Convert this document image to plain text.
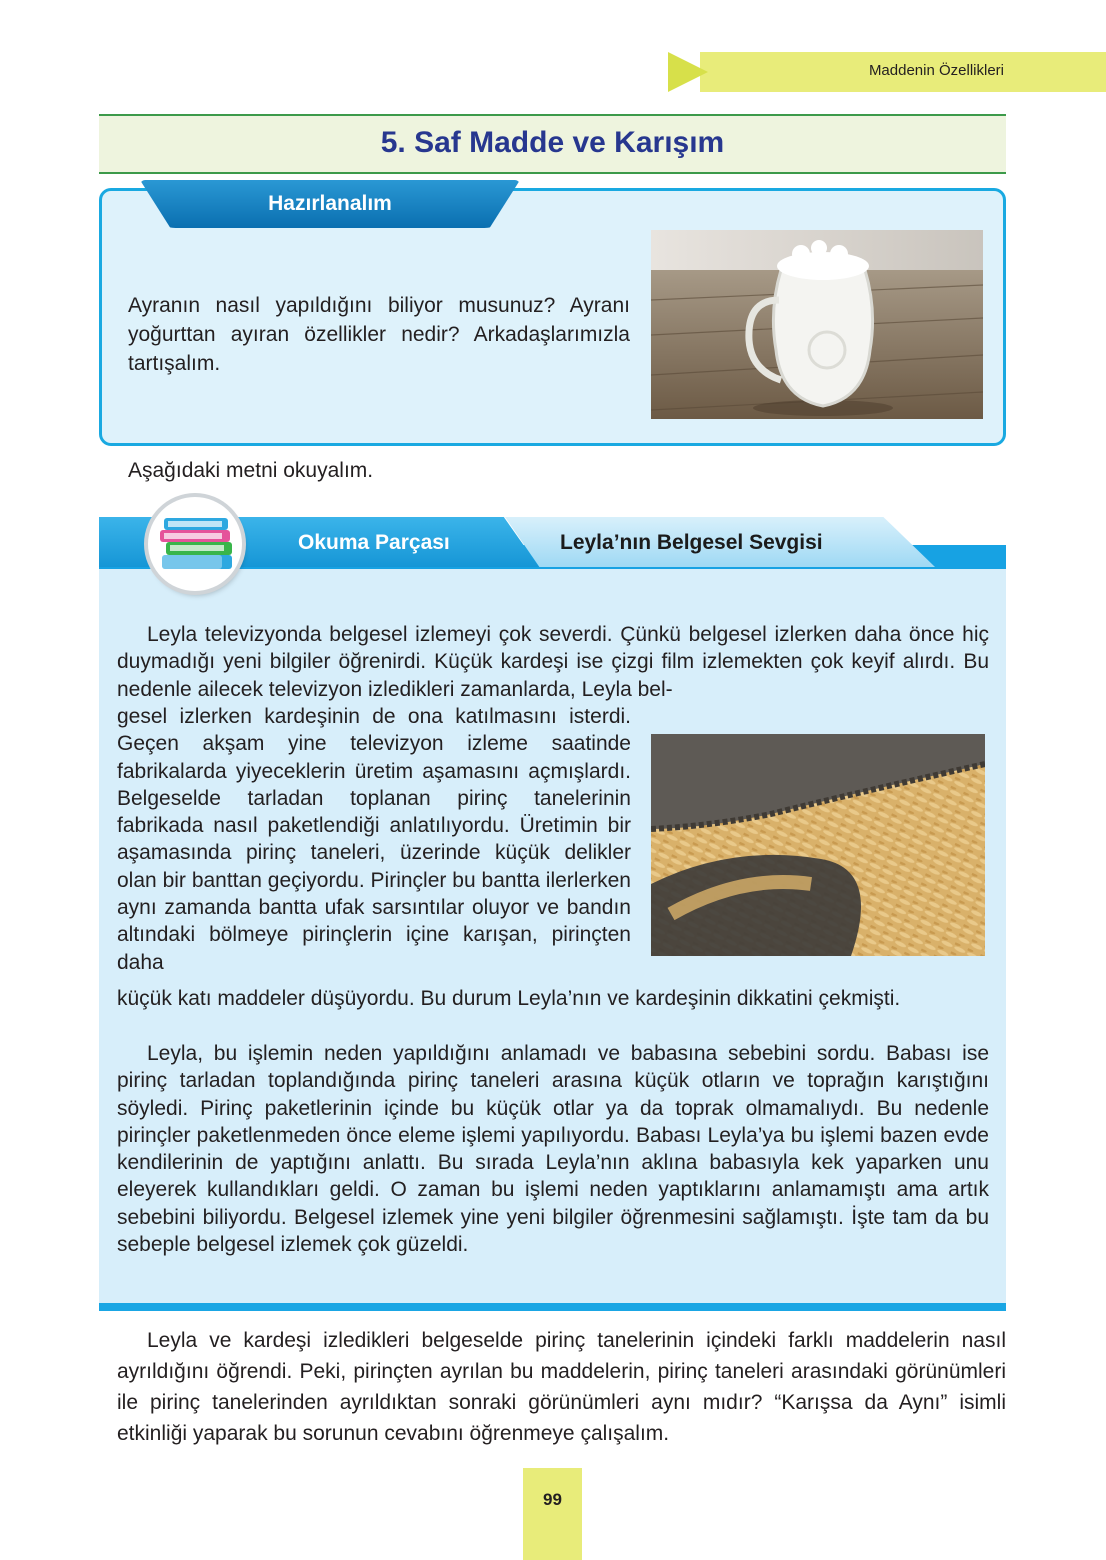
Maddenin Özellikleri
5. Saf Madde ve Karışım
Hazırlanalım
Ayranın nasıl yapıldığını biliyor musunuz? Ayranı yoğurttan ayıran özellikler nedir? Arkadaşlarımızla tartışalım.
Aşağıdaki metni okuyalım.
Okuma Parçası	Leyla’nın Belgesel Sevgisi
Leyla televizyonda belgesel izlemeyi çok severdi. Çünkü belgesel izlerken daha önce hiç duymadığı yeni bilgiler öğrenirdi. Küçük kardeşi ise çizgi film izlemekten çok keyif alırdı. Bu nedenle ailecek televizyon izledikleri zamanlarda, Leyla bel-
gesel izlerken kardeşinin de ona katılmasını isterdi. Geçen akşam yine televizyon izleme saatinde fabrikalarda yiyeceklerin üretim aşamasını açmışlardı. Belgeselde tarladan toplanan pirinç tanelerinin fabrikada nasıl paketlendiği anlatılıyordu. Üretimin bir aşamasında pirinç taneleri, üzerinde küçük delikler olan bir banttan geçiyordu. Pirinçler bu bantta ilerlerken aynı zamanda bantta ufak sarsıntılar oluyor ve bandın altındaki bölmeye pirinçlerin içine karışan, pirinçten daha
küçük katı maddeler düşüyordu. Bu durum Leyla’nın ve kardeşinin dikkatini çekmişti.
Leyla, bu işlemin neden yapıldığını anlamadı ve babasına sebebini sordu. Babası ise pirinç tarladan toplandığında pirinç taneleri arasına küçük otların ve toprağın karıştığını söyledi. Pirinç paketlerinin içinde bu küçük otlar ya da toprak olmamalıydı. Bu nedenle pirinçler paketlenmeden önce eleme işlemi yapılıyordu. Babası Leyla’ya bu işlemi bazen evde kendilerinin de yaptığını anlattı. Bu sırada Leyla’nın aklına babasıyla kek yaparken unu eleyerek kullandıkları geldi. O zaman bu işlemi neden yaptıklarını anlamamıştı ama artık sebebini biliyordu. Belgesel izlemek yine yeni bilgiler öğrenmesini sağlamıştı. İşte tam da bu sebeple belgesel izlemek çok güzeldi.
Leyla ve kardeşi izledikleri belgeselde pirinç tanelerinin içindeki farklı maddelerin nasıl ayrıldığını öğrendi. Peki, pirinçten ayrılan bu maddelerin, pirinç taneleri arasındaki görünümleri ile pirinç tanelerinden ayrıldıktan sonraki görünümleri aynı mıdır? “Karışsa da Aynı” isimli etkinliği yaparak bu sorunun cevabını öğrenmeye çalışalım.
99
